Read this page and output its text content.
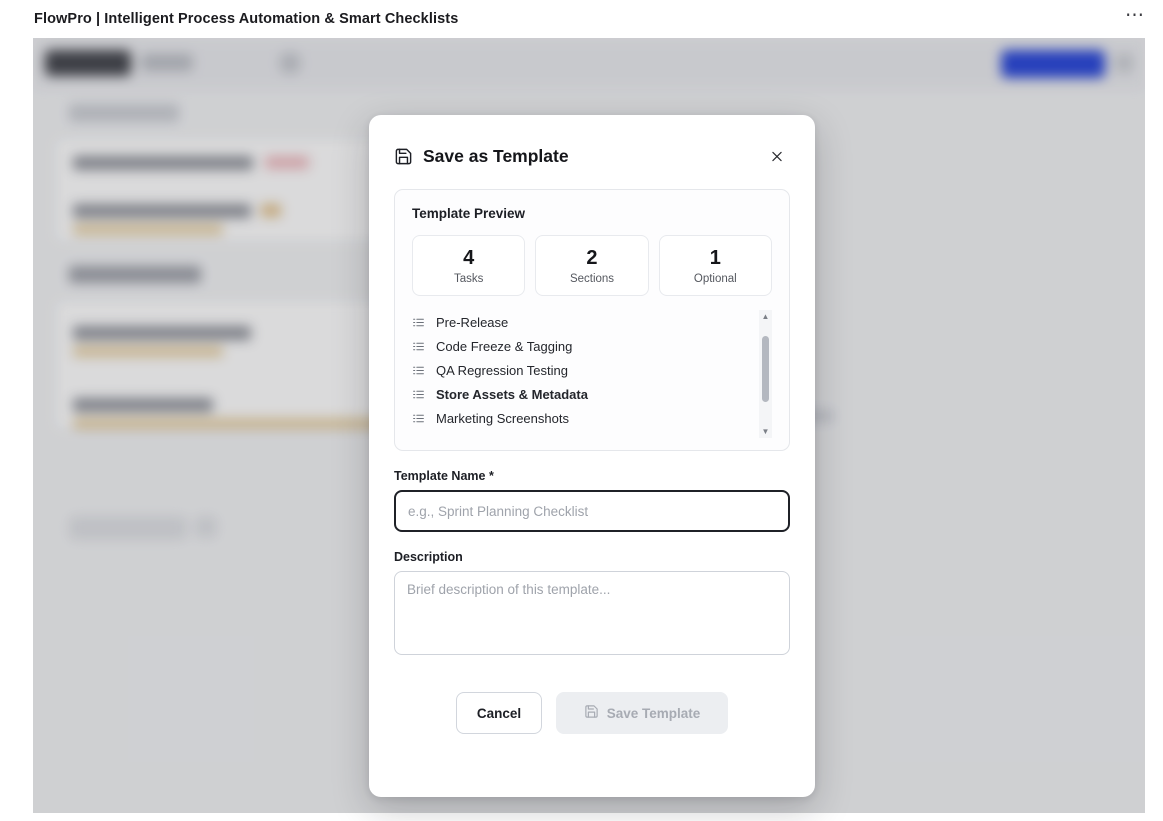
FlowPro | Intelligent Process Automation & Smart Checklists	⋯
Save as Template
Template Preview
4
Tasks
2
Sections
1
Optional
Pre-Release
Code Freeze & Tagging
QA Regression Testing
Store Assets & Metadata
Marketing Screenshots
▲
▼
Template Name *
e.g., Sprint Planning Checklist
Description
Brief description of this template...
Cancel	Save Template
